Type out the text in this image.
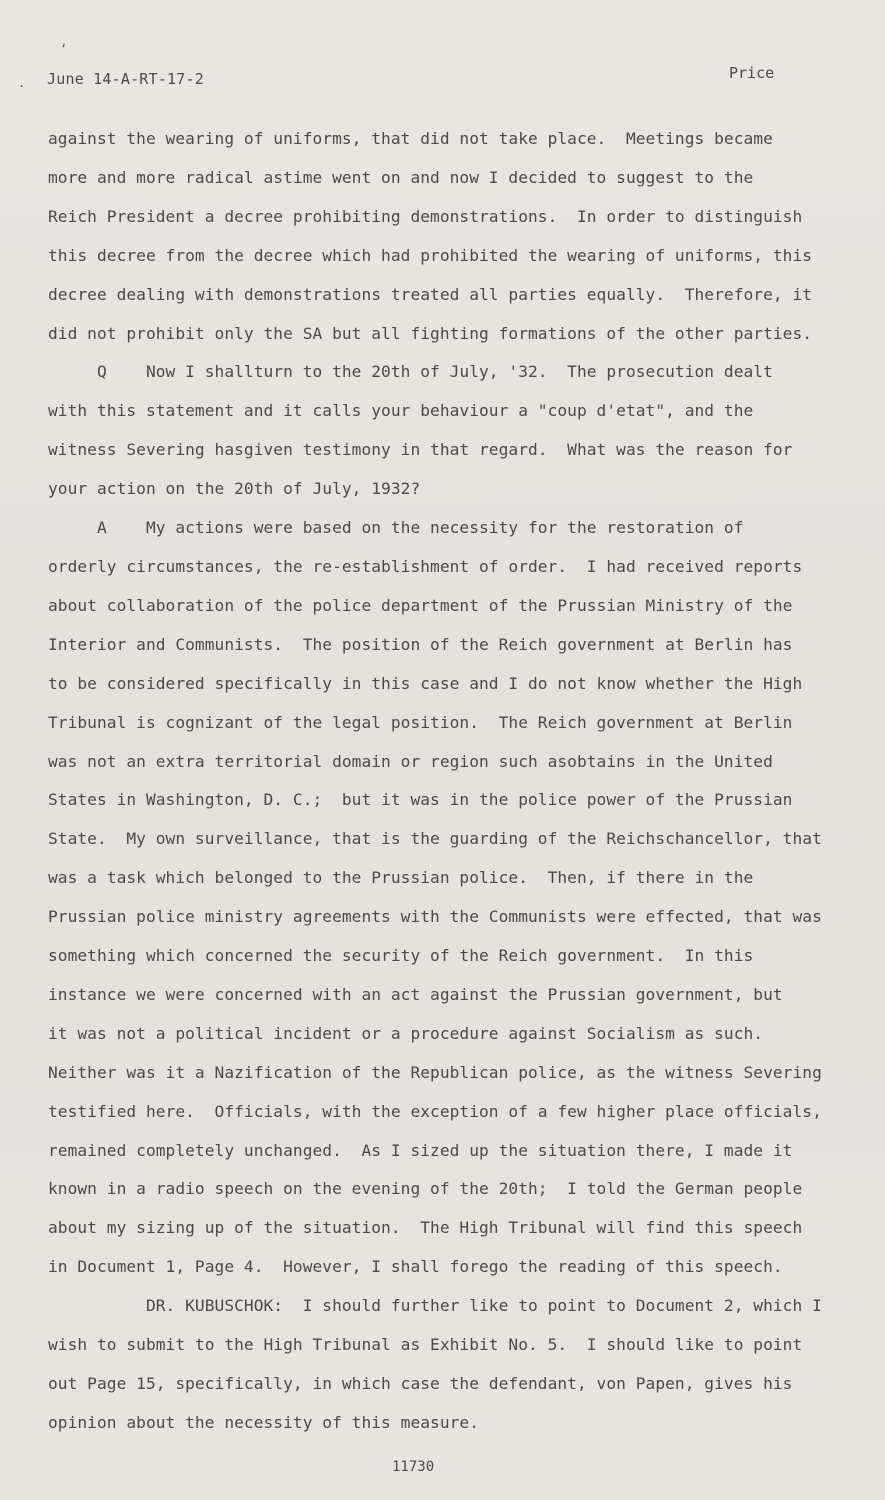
‘
. June 14-A-RT-17-2	Price

against the wearing of uniforms, that did not take place.  Meetings became

more and more radical astime went on and now I decided to suggest to the

Reich President a decree prohibiting demonstrations.  In order to distinguish

this decree from the decree which had prohibited the wearing of uniforms, this

decree dealing with demonstrations treated all parties equally.  Therefore, it

did not prohibit only the SA but all fighting formations of the other parties.

Q    Now I shallturn to the 20th of July, '32.  The prosecution dealt

with this statement and it calls your behaviour a "coup d'etat", and the

witness Severing hasgiven testimony in that regard.  What was the reason for

your action on the 20th of July, 1932?

A    My actions were based on the necessity for the restoration of

orderly circumstances, the re-establishment of order.  I had received reports

about collaboration of the police department of the Prussian Ministry of the

Interior and Communists.  The position of the Reich government at Berlin has

to be considered specifically in this case and I do not know whether the High

Tribunal is cognizant of the legal position.  The Reich government at Berlin

was not an extra territorial domain or region such asobtains in the United

States in Washington, D. C.;  but it was in the police power of the Prussian

State.  My own surveillance, that is the guarding of the Reichschancellor, that

was a task which belonged to the Prussian police.  Then, if there in the

Prussian police ministry agreements with the Communists were effected, that was

something which concerned the security of the Reich government.  In this

instance we were concerned with an act against the Prussian government, but

it was not a political incident or a procedure against Socialism as such.

Neither was it a Nazification of the Republican police, as the witness Severing

testified here.  Officials, with the exception of a few higher place officials,

remained completely unchanged.  As I sized up the situation there, I made it

known in a radio speech on the evening of the 20th;  I told the German people

about my sizing up of the situation.  The High Tribunal will find this speech

in Document 1, Page 4.  However, I shall forego the reading of this speech.

DR. KUBUSCHOK:  I should further like to point to Document 2, which I

wish to submit to the High Tribunal as Exhibit No. 5.  I should like to point

out Page 15, specifically, in which case the defendant, von Papen, gives his

opinion about the necessity of this measure.

11730
